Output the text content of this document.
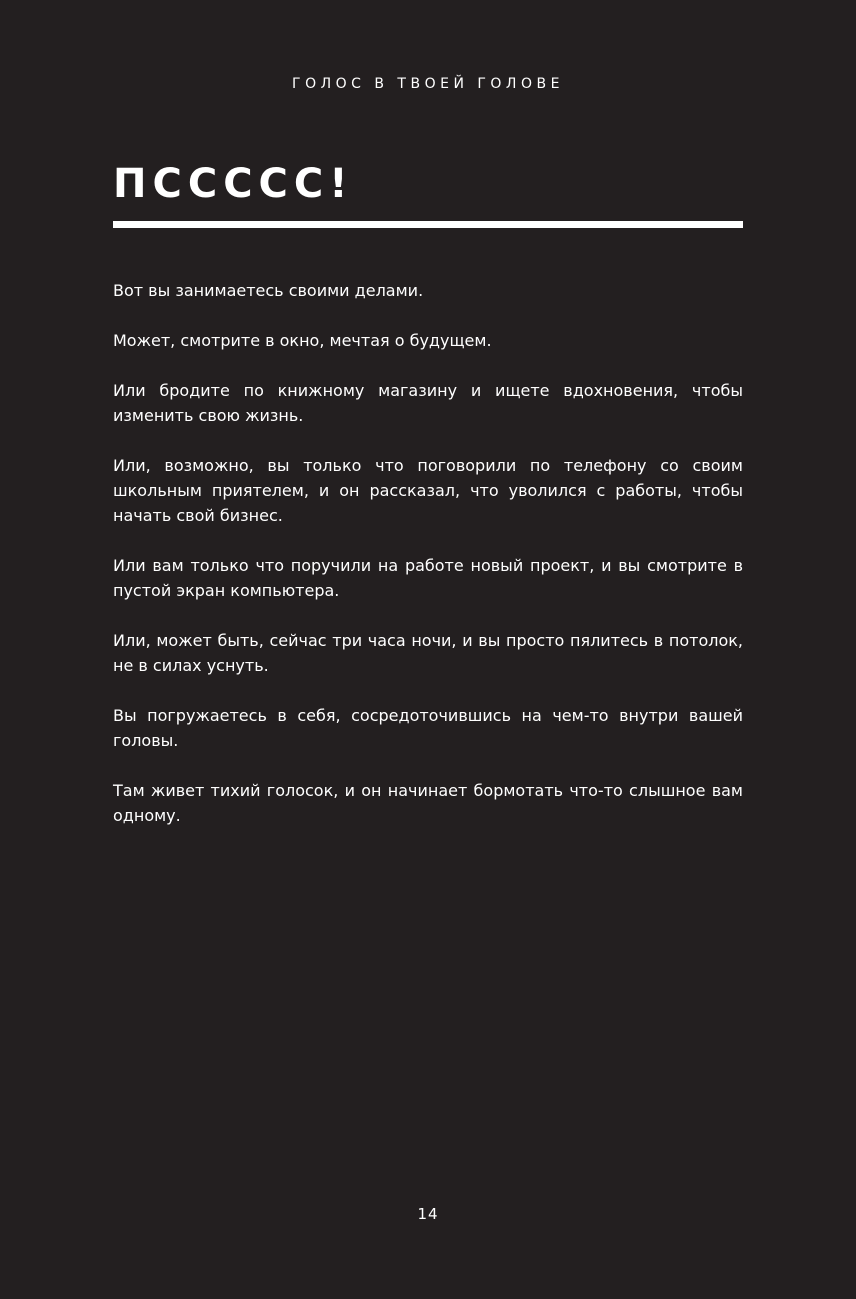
ГОЛОС В ТВОЕЙ ГОЛОВЕ
ПССССС!

Вот вы занимаетесь своими делами.

Может, смотрите в окно, мечтая о будущем.

Или бродите по книжному магазину и ищете вдохновения, чтобы изменить свою жизнь.

Или, возможно, вы только что поговорили по телефону со своим школьным приятелем, и он рассказал, что уволился с работы, чтобы начать свой бизнес.

Или вам только что поручили на работе новый проект, и вы смотрите в пустой экран компьютера.

Или, может быть, сейчас три часа ночи, и вы просто пялитесь в потолок, не в силах уснуть.

Вы погружаетесь в себя, сосредоточившись на чем-то внутри вашей головы.

Там живет тихий голосок, и он начинает бормотать что-то слышное вам одному.

14
